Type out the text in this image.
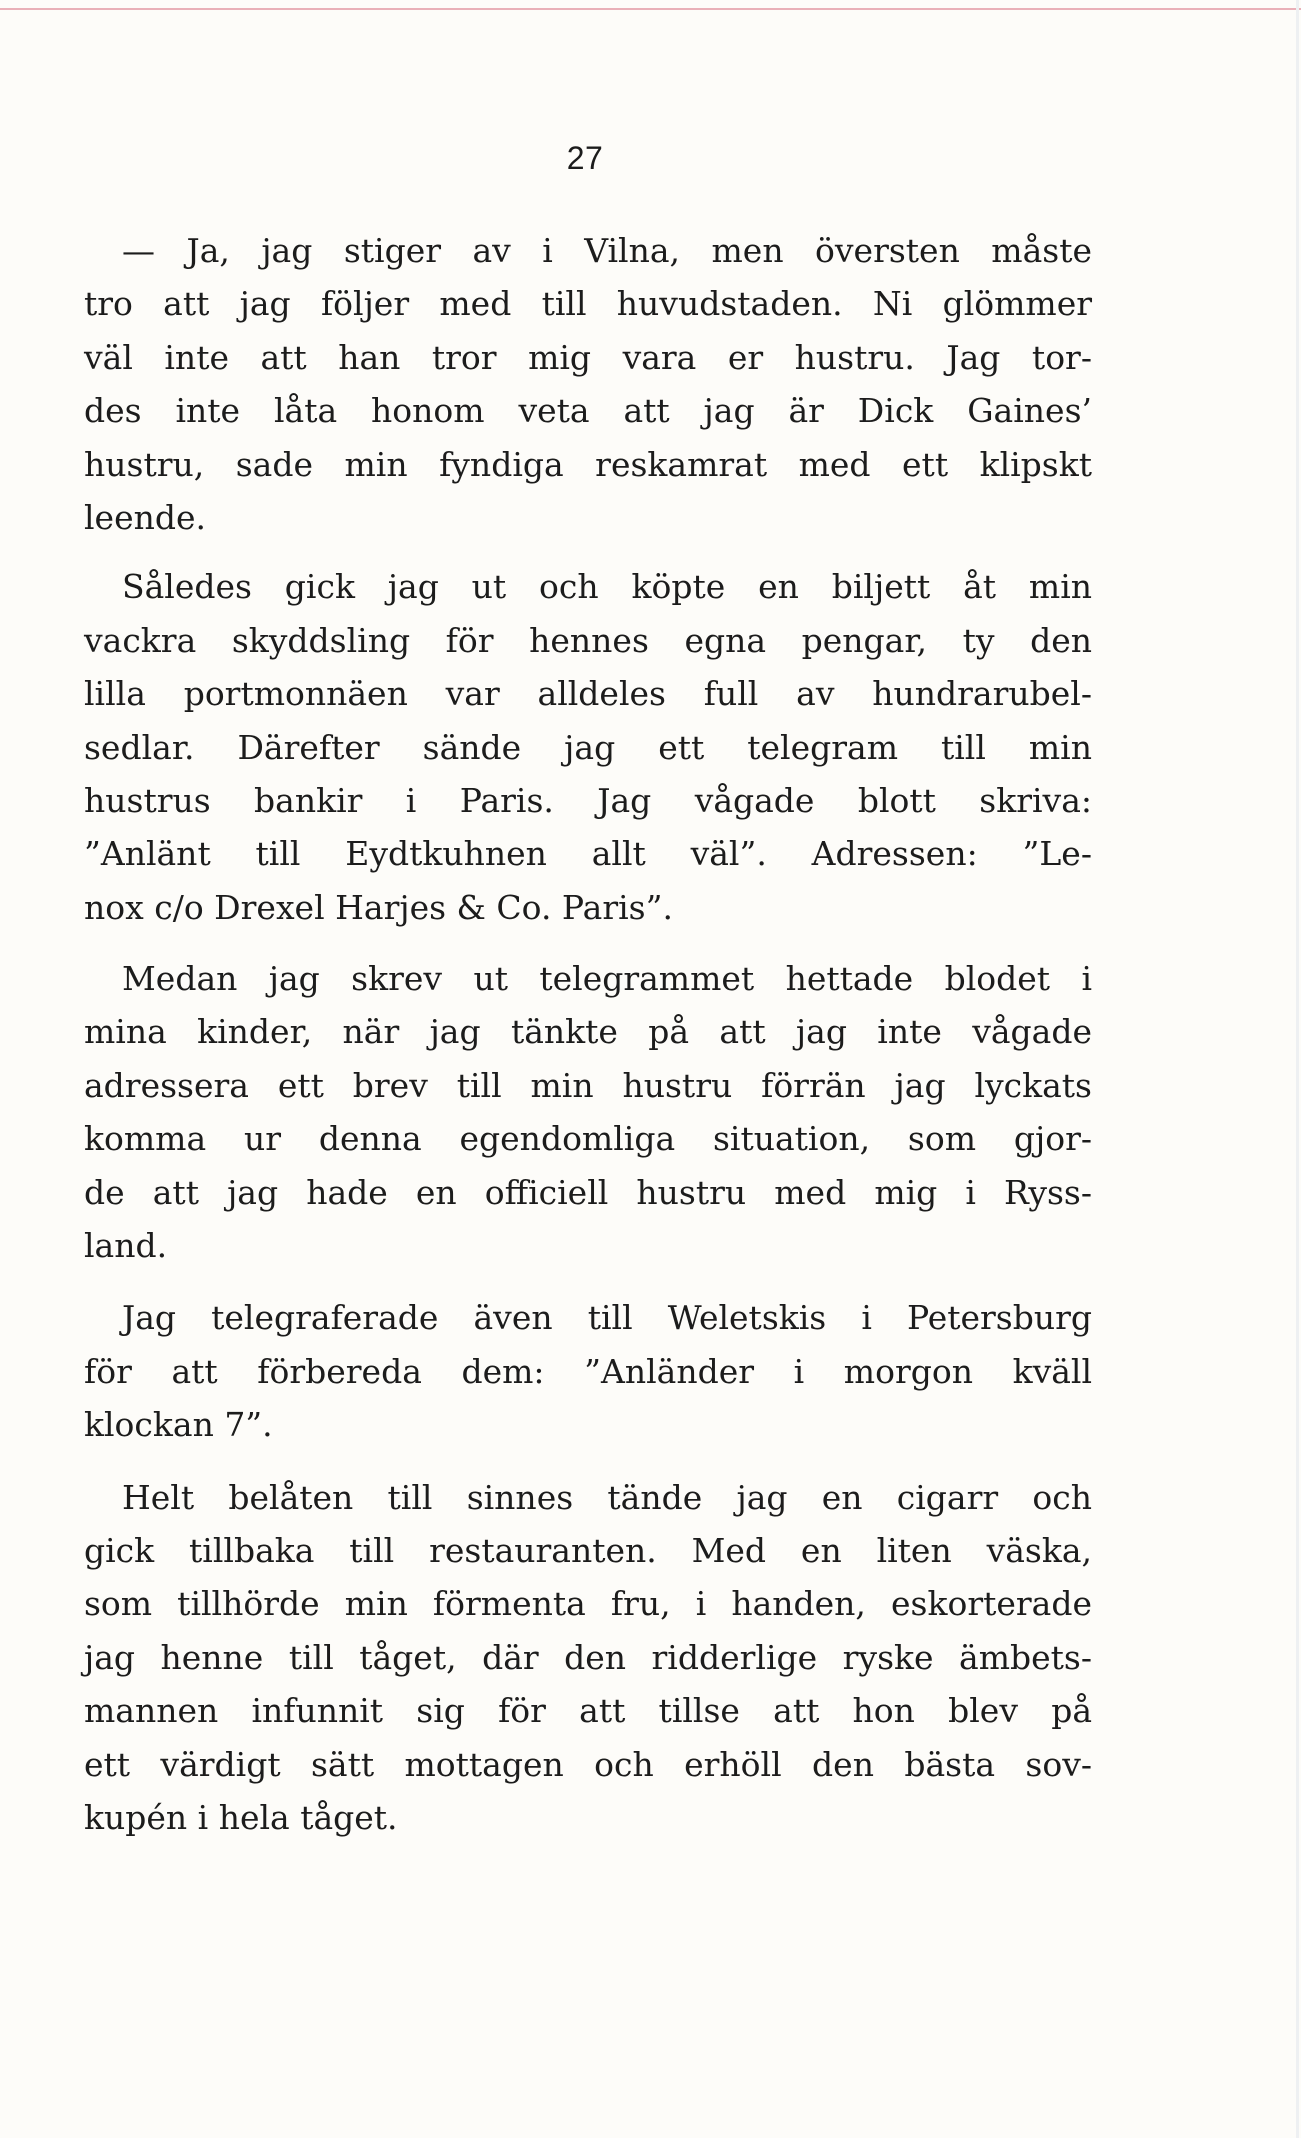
27
— Ja, jag stiger av i Vilna, men översten måste
tro att jag följer med till huvudstaden. Ni glömmer
väl inte att han tror mig vara er hustru. Jag tor-
des inte låta honom veta att jag är Dick Gaines’
hustru, sade min fyndiga reskamrat med ett klipskt
leende.
Således gick jag ut och köpte en biljett åt min
vackra skyddsling för hennes egna pengar, ty den
lilla portmonnäen var alldeles full av hundrarubel-
sedlar. Därefter sände jag ett telegram till min
hustrus bankir i Paris. Jag vågade blott skriva:
”Anlänt till Eydtkuhnen allt väl”. Adressen: ”Le-
nox c/o Drexel Harjes & Co. Paris”.
Medan jag skrev ut telegrammet hettade blodet i
mina kinder, när jag tänkte på att jag inte vågade
adressera ett brev till min hustru förrän jag lyckats
komma ur denna egendomliga situation, som gjor-
de att jag hade en officiell hustru med mig i Ryss-
land.
Jag telegraferade även till Weletskis i Petersburg
för att förbereda dem: ”Anländer i morgon kväll
klockan 7”.
Helt belåten till sinnes tände jag en cigarr och
gick tillbaka till restauranten. Med en liten väska,
som tillhörde min förmenta fru, i handen, eskorterade
jag henne till tåget, där den ridderlige ryske ämbets-
mannen infunnit sig för att tillse att hon blev på
ett värdigt sätt mottagen och erhöll den bästa sov-
kupén i hela tåget.
